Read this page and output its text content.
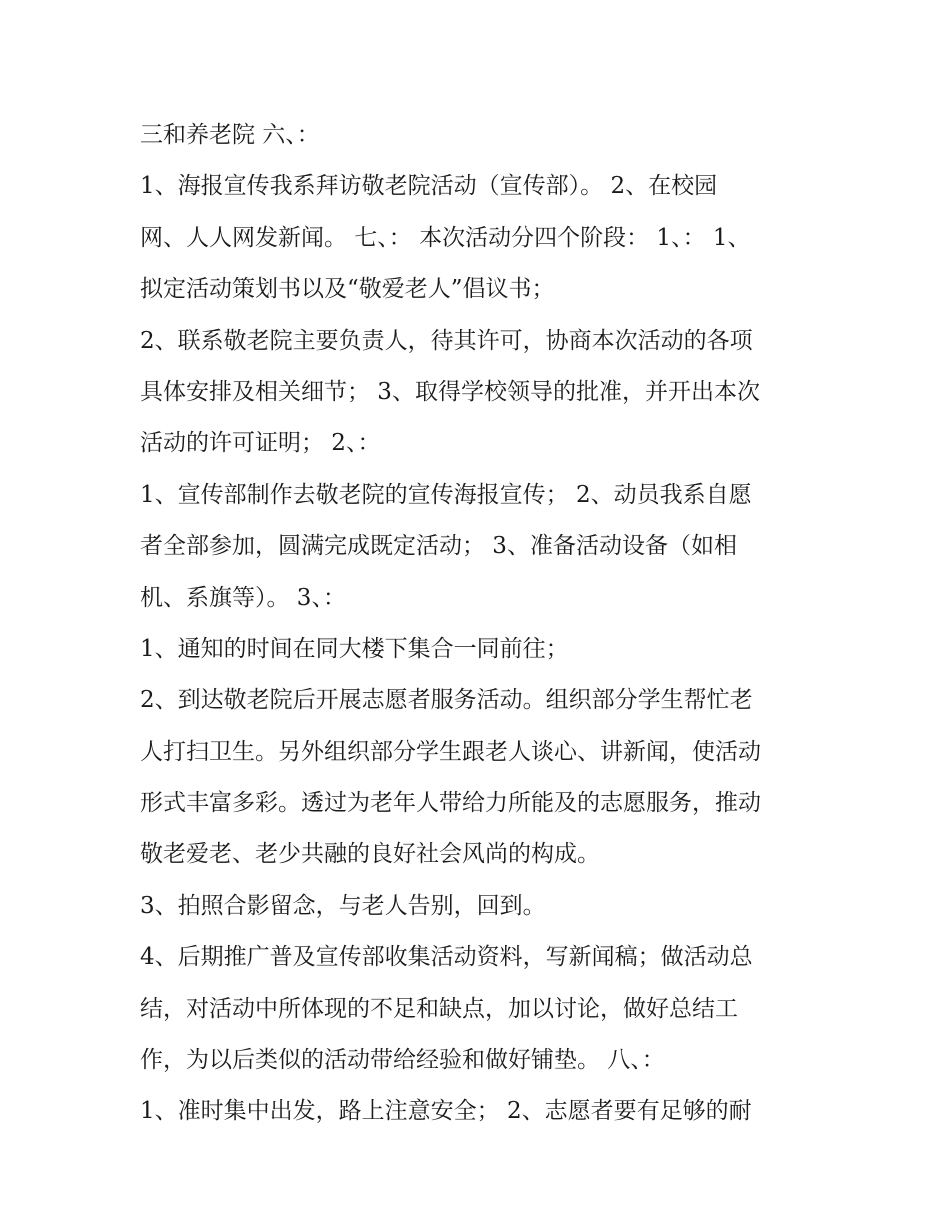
三和养老院 六、：
1、海报宣传我系拜访敬老院活动（宣传部）。 2、在校园
网、人人网发新闻。 七、： 本次活动分四个阶段： 1、： 1、
拟定活动策划书以及“敬爱老人”倡议书；
2、联系敬老院主要负责人，待其许可，协商本次活动的各项
具体安排及相关细节； 3、取得学校领导的批准，并开出本次
活动的许可证明； 2、：
1、宣传部制作去敬老院的宣传海报宣传； 2、动员我系自愿
者全部参加，圆满完成既定活动； 3、准备活动设备（如相
机、系旗等）。 3、：
1、通知的时间在同大楼下集合一同前往；
2、到达敬老院后开展志愿者服务活动。组织部分学生帮忙老
人打扫卫生。另外组织部分学生跟老人谈心、讲新闻，使活动
形式丰富多彩。透过为老年人带给力所能及的志愿服务，推动
敬老爱老、老少共融的良好社会风尚的构成。
3、拍照合影留念，与老人告别，回到。
4、后期推广普及宣传部收集活动资料，写新闻稿；做活动总
结，对活动中所体现的不足和缺点，加以讨论，做好总结工
作，为以后类似的活动带给经验和做好铺垫。 八、：
1、准时集中出发，路上注意安全； 2、志愿者要有足够的耐
